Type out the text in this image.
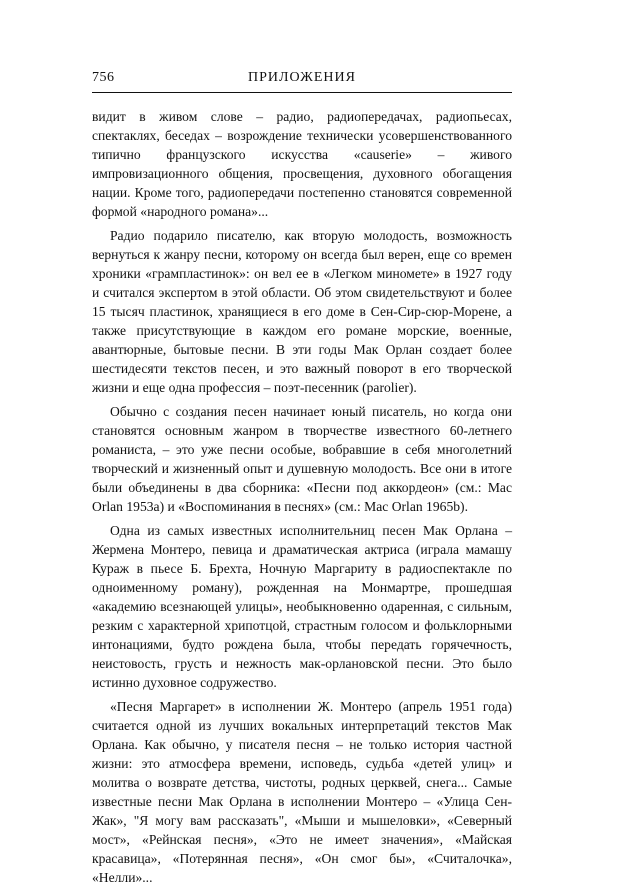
756	ПРИЛОЖЕНИЯ

видит в живом слове – радио, радиопередачах, радиопьесах, спектаклях, беседах – возрождение технически усовершенствованного типично французского искусства «causerie» – живого импровизационного общения, просвещения, духовного обогащения нации. Кроме того, радиопередачи постепенно становятся современной формой «народного романа»...

Радио подарило писателю, как вторую молодость, возможность вернуться к жанру песни, которому он всегда был верен, еще со времен хроники «грампластинок»: он вел ее в «Легком миномете» в 1927 году и считался экспертом в этой области. Об этом свидетельствуют и более 15 тысяч пластинок, хранящиеся в его доме в Сен-Сир-сюр-Морене, а также присутствующие в каждом его романе морские, военные, авантюрные, бытовые песни. В эти годы Мак Орлан создает более шестидесяти текстов песен, и это важный поворот в его творческой жизни и еще одна профессия – поэт-песенник (parolier).

Обычно с создания песен начинает юный писатель, но когда они становятся основным жанром в творчестве известного 60-летнего романиста, – это уже песни особые, вобравшие в себя многолетний творческий и жизненный опыт и душевную молодость. Все они в итоге были объединены в два сборника: «Песни под аккордеон» (см.: Mac Orlan 1953a) и «Воспоминания в песнях» (см.: Mac Orlan 1965b).

Одна из самых известных исполнительниц песен Мак Орлана – Жермена Монтеро, певица и драматическая актриса (играла мамашу Кураж в пьесе Б. Брехта, Ночную Маргариту в радиоспектакле по одноименному роману), рожденная на Монмартре, прошедшая «академию всезнающей улицы», необыкновенно одаренная, с сильным, резким с характерной хрипотцой, страстным голосом и фольклорными интонациями, будто рождена была, чтобы передать горячечность, неистовость, грусть и нежность мак-орлановской песни. Это было истинно духовное содружество.

«Песня Маргарет» в исполнении Ж. Монтеро (апрель 1951 года) считается одной из лучших вокальных интерпретаций текстов Мак Орлана. Как обычно, у писателя песня – не только история частной жизни: это атмосфера времени, исповедь, судьба «детей улиц» и молитва о возврате детства, чистоты, родных церквей, снега... Самые известные песни Мак Орлана в исполнении Монтеро – «Улица Сен-Жак», "Я могу вам рассказать", «Мыши и мышеловки», «Северный мост», «Рейнская песня», «Это не имеет значения», «Майская красавица», «Потерянная песня», «Он смог бы», «Считалочка», «Нелли»...
